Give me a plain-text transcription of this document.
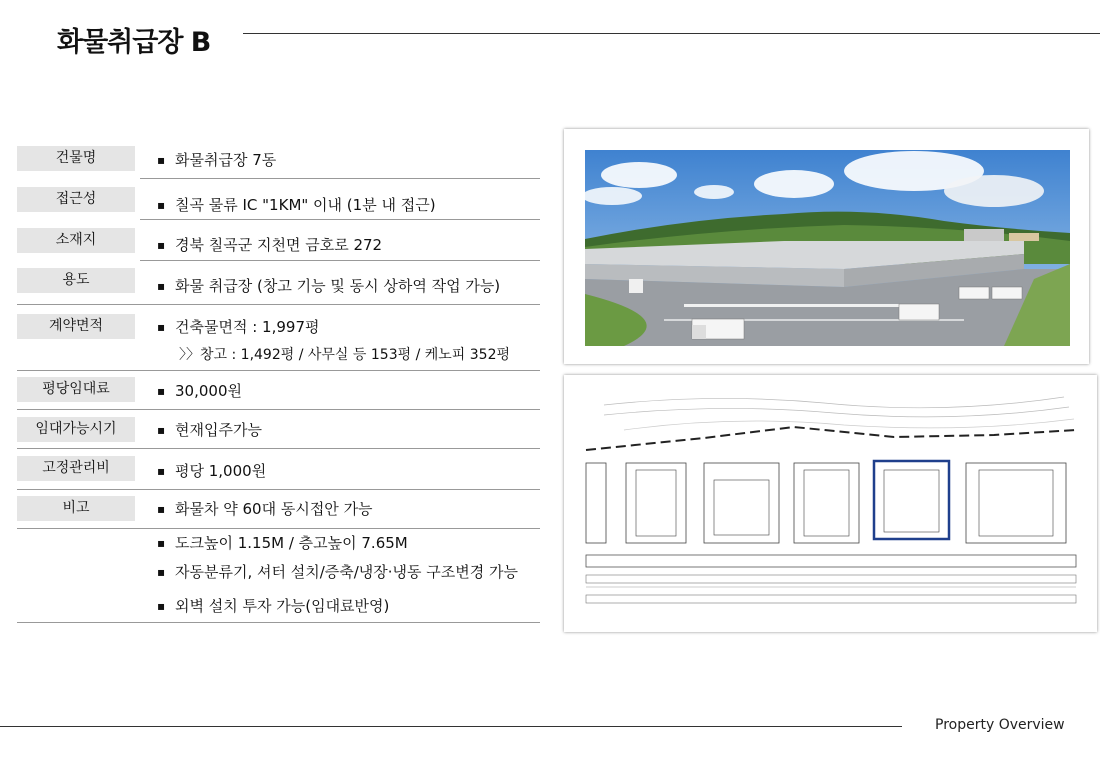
화물취급장 B
건물명	▪ 화물취급장 7동
접근성	▪ 칠곡 물류 IC "1KM" 이내 (1분 내 접근)
소재지	▪ 경북 칠곡군 지천면 금호로 272
용도	▪ 화물 취급장 (창고 기능 및 동시 상하역 작업 가능)
계약면적	▪ 건축물면적 : 1,997평
〉〉창고 : 1,492평 / 사무실 등 153평 / 케노피 352평
평당임대료	▪ 30,000원
임대가능시기	▪ 현재입주가능
고정관리비	▪ 평당 1,000원
비고	▪ 화물차 약 60대 동시접안 가능
▪ 도크높이 1.15M / 층고높이 7.65M
▪ 자동분류기, 셔터 설치/증축/냉장·냉동 구조변경 가능
▪ 외벽 설치 투자 가능(임대료반영)
Property Overview
